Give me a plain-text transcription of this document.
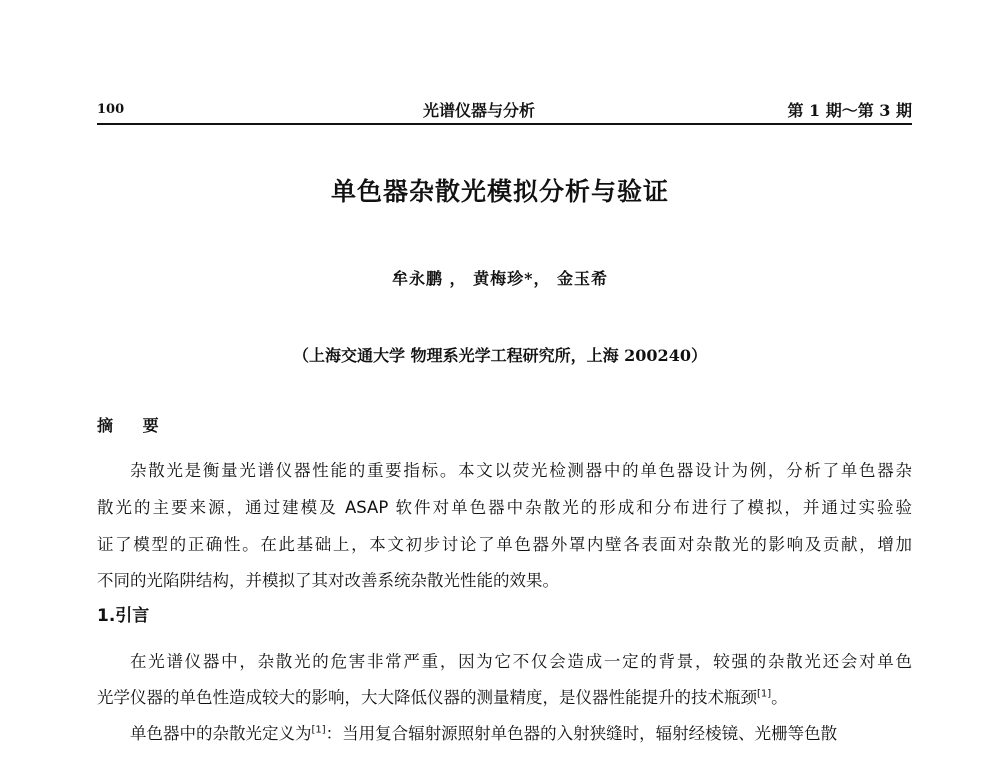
100	光谱仪器与分析	第 1 期～第 3 期
单色器杂散光模拟分析与验证
牟永鹏 ， 黄梅珍*， 金玉希
（上海交通大学 物理系光学工程研究所，上海 200240）
摘 要
杂散光是衡量光谱仪器性能的重要指标。本文以荧光检测器中的单色器设计为例，分析了单色器杂
散光的主要来源，通过建模及 ASAP 软件对单色器中杂散光的形成和分布进行了模拟，并通过实验验
证了模型的正确性。在此基础上，本文初步讨论了单色器外罩内壁各表面对杂散光的影响及贡献，增加
不同的光陷阱结构，并模拟了其对改善系统杂散光性能的效果。
1.引言
在光谱仪器中，杂散光的危害非常严重，因为它不仅会造成一定的背景，较强的杂散光还会对单色
光学仪器的单色性造成较大的影响，大大降低仪器的测量精度，是仪器性能提升的技术瓶颈[1]。
单色器中的杂散光定义为[1]：当用复合辐射源照射单色器的入射狭缝时，辐射经棱镜、光栅等色散
